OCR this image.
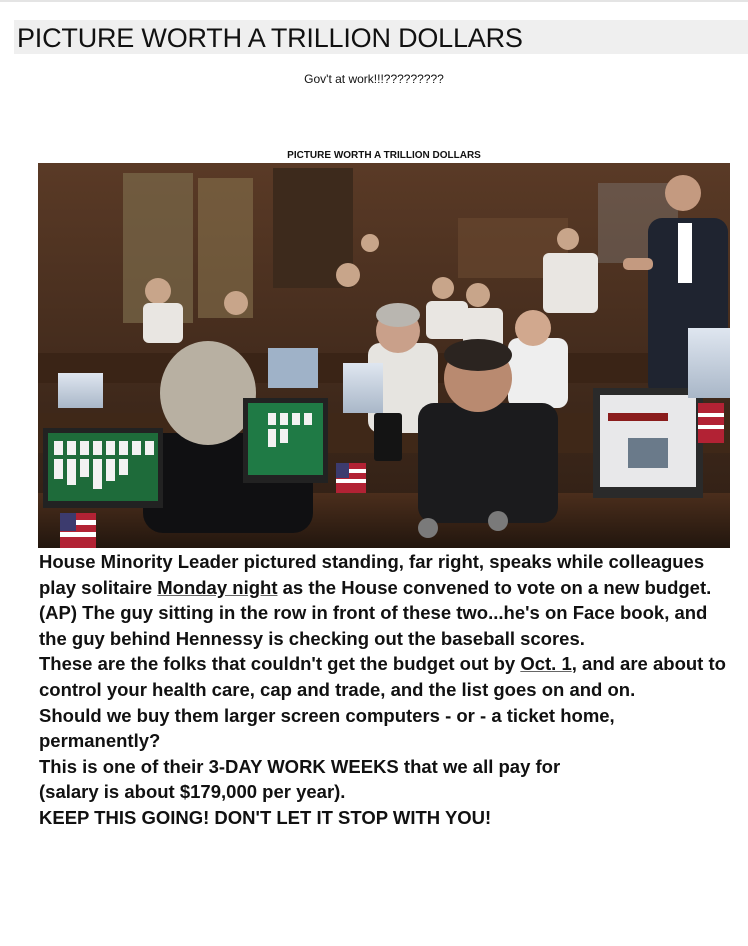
PICTURE WORTH A TRILLION DOLLARS
Gov't at work!!!?????????
PICTURE WORTH A TRILLION DOLLARS

House Minority Leader pictured standing, far right, speaks while colleagues play solitaire Monday night as the House convened to vote on a new budget.

(AP) The guy sitting in the row in front of these two...he's on Face book, and the guy behind Hennessy is checking out the baseball scores.

These are the folks that couldn't get the budget out by Oct. 1, and are about to control your health care, cap and trade, and the list goes on and on.

Should we buy them larger screen computers - or - a ticket home, permanently?

This is one of their 3-DAY WORK WEEKS that we all pay for

(salary is about $179,000 per year).

KEEP THIS GOING! DON'T LET IT STOP WITH YOU!
